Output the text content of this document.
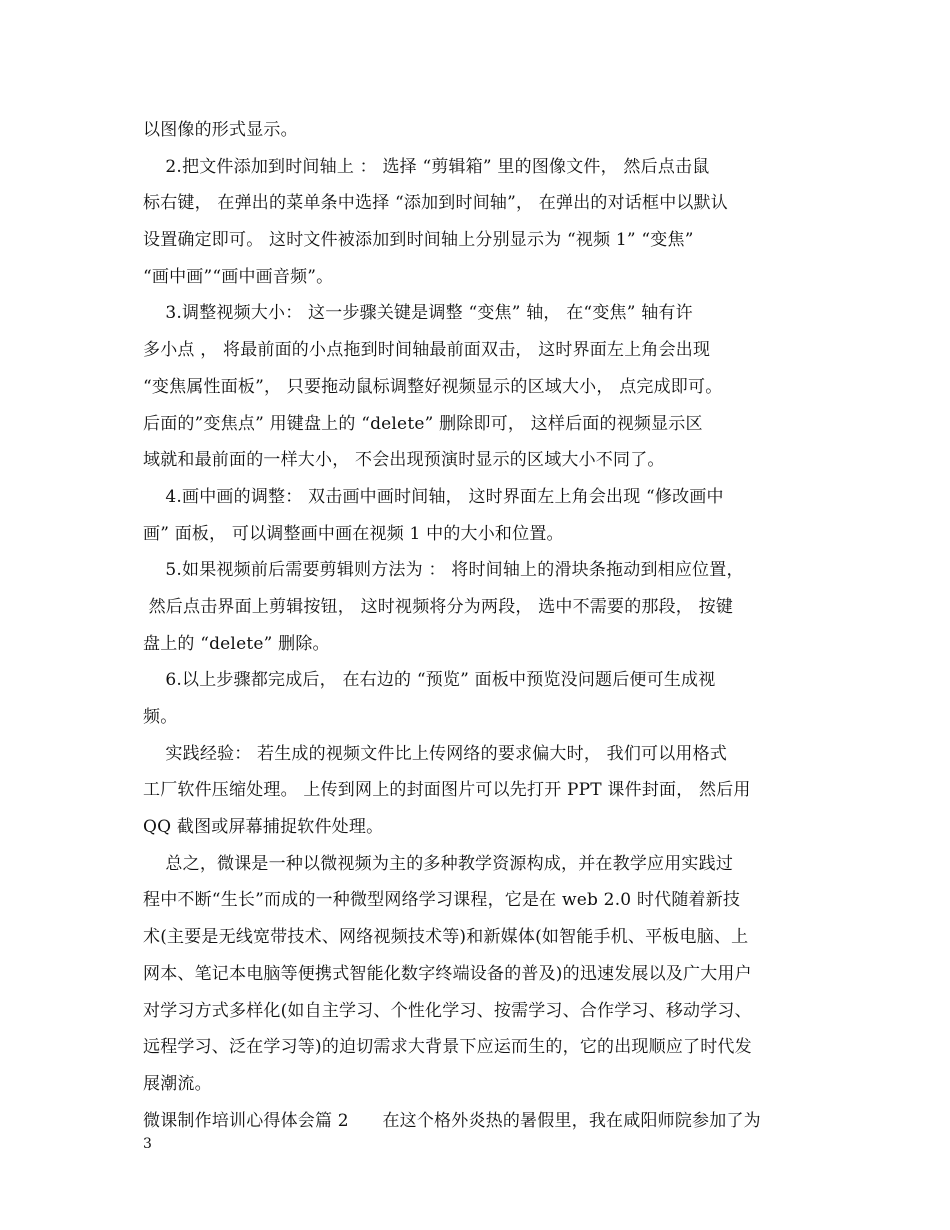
以图像的形式显示。
2.把文件添加到时间轴上 ： 选择 “剪辑箱” 里的图像文件， 然后点击鼠
标右键， 在弹出的菜单条中选择 “添加到时间轴”， 在弹出的对话框中以默认
设置确定即可。 这时文件被添加到时间轴上分别显示为 “视频 1” “变焦”
“画中画”“画中画音频”。
3.调整视频大小： 这一步骤关键是调整 “变焦” 轴， 在“变焦” 轴有许
多小点 ， 将最前面的小点拖到时间轴最前面双击， 这时界面左上角会出现
“变焦属性面板”， 只要拖动鼠标调整好视频显示的区域大小， 点完成即可。
后面的”变焦点” 用键盘上的 “delete” 删除即可， 这样后面的视频显示区
域就和最前面的一样大小， 不会出现预演时显示的区域大小不同了。
4.画中画的调整： 双击画中画时间轴， 这时界面左上角会出现 “修改画中
画” 面板， 可以调整画中画在视频 1 中的大小和位置。
5.如果视频前后需要剪辑则方法为 ： 将时间轴上的滑块条拖动到相应位置，
然后点击界面上剪辑按钮， 这时视频将分为两段， 选中不需要的那段， 按键
盘上的 “delete” 删除。
6.以上步骤都完成后， 在右边的 “预览” 面板中预览没问题后便可生成视
频。
实践经验： 若生成的视频文件比上传网络的要求偏大时， 我们可以用格式
工厂软件压缩处理。 上传到网上的封面图片可以先打开 PPT 课件封面， 然后用
QQ 截图或屏幕捕捉软件处理。
总之，微课是一种以微视频为主的多种教学资源构成，并在教学应用实践过
程中不断“生长”而成的一种微型网络学习课程，它是在 web 2.0 时代随着新技
术(主要是无线宽带技术、网络视频技术等)和新媒体(如智能手机、平板电脑、上
网本、笔记本电脑等便携式智能化数字终端设备的普及)的迅速发展以及广大用户
对学习方式多样化(如自主学习、个性化学习、按需学习、合作学习、移动学习、
远程学习、泛在学习等)的迫切需求大背景下应运而生的，它的出现顺应了时代发
展潮流。
微课制作培训心得体会篇 2      在这个格外炎热的暑假里，我在咸阳师院参加了为
3
